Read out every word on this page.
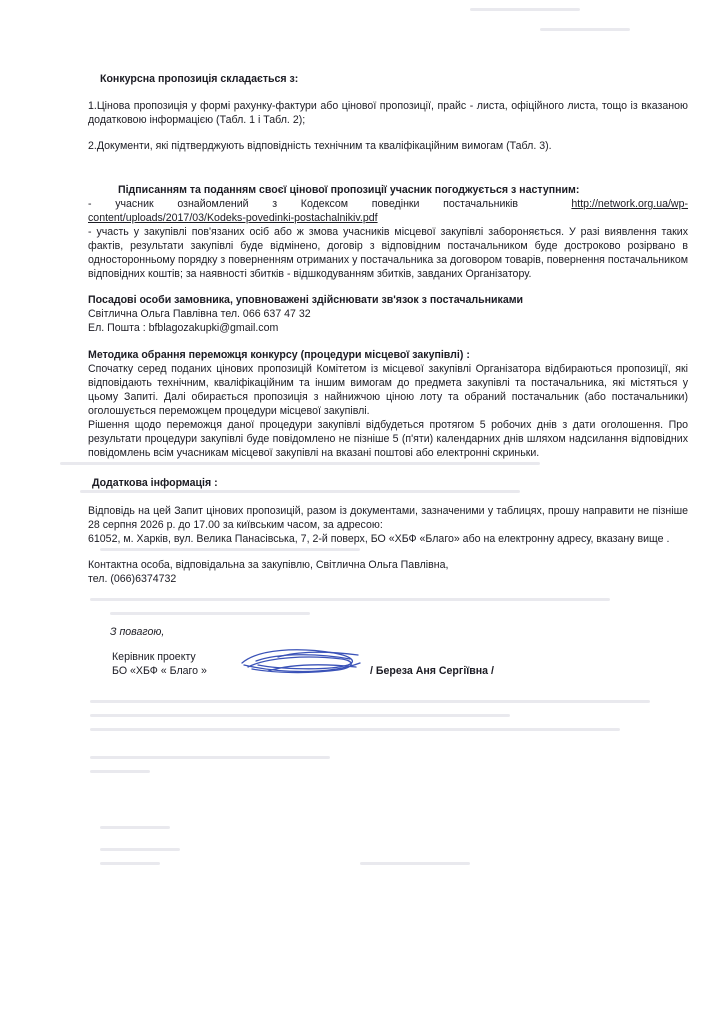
Конкурсна пропозиція складається з:
1.Цінова пропозиція у формі рахунку-фактури або цінової пропозиції, прайс - листа, офіційного листа, тощо із вказаною додатковою інформацією (Табл. 1 і Табл. 2);
2.Документи, які підтверджують відповідність технічним та кваліфікаційним вимогам (Табл. 3).
Підписанням та поданням своєї цінової пропозиції учасник погоджується з наступним:
- учасник ознайомлений з Кодексом поведінки постачальників	http://network.org.ua/wp-
content/uploads/2017/03/Kodeks-povedinki-postachalnikiv.pdf
- участь у закупівлі пов'язаних осіб або ж змова учасників місцевої закупівлі забороняється. У разі виявлення таких фактів, результати закупівлі буде відмінено, договір з відповідним постачальником буде достроково розірвано в односторонньому порядку з поверненням отриманих у постачальника за договором товарів, повернення постачальником відповідних коштів; за наявності збитків - відшкодуванням збитків, завданих Організатору.
Посадові особи замовника, уповноважені здійснювати зв'язок з постачальниками
Світлична Ольга Павлівна тел. 066 637 47 32
Ел. Пошта : bfblagozakupki@gmail.com
Методика обрання переможця конкурсу (процедури місцевої закупівлі) :
Спочатку серед поданих цінових пропозицій Комітетом із місцевої закупівлі Організатора відбираються пропозиції, які відповідають технічним, кваліфікаційним та іншим вимогам до предмета закупівлі та постачальника, які містяться у цьому Запиті. Далі обирається пропозиція з найнижчою ціною лоту та обраний постачальник (або постачальники) оголошується переможцем процедури місцевої закупівлі.
Рішення щодо переможця даної процедури закупівлі відбудеться протягом 5 робочих днів з дати оголошення. Про результати процедури закупівлі буде повідомлено не пізніше 5 (п'яти) календарних днів шляхом надсилання відповідних повідомлень всім учасникам місцевої закупівлі на вказані поштові або електронні скриньки.
Додаткова інформація :
Відповідь на цей Запит цінових пропозицій, разом із документами, зазначеними у таблицях, прошу направити не пізніше 28 серпня 2026 р. до 17.00 за київським часом, за адресою:
61052, м. Харків, вул. Велика Панасівська, 7, 2-й поверх, БО «ХБФ «Благо» або на електронну адресу, вказану вище .
Контактна особа, відповідальна за закупівлю, Світлична Ольга Павлівна,
тел. (066)6374732
З повагою,
Керівник проекту
БО «ХБФ « Благо »	/ Береза Аня Сергіївна /
